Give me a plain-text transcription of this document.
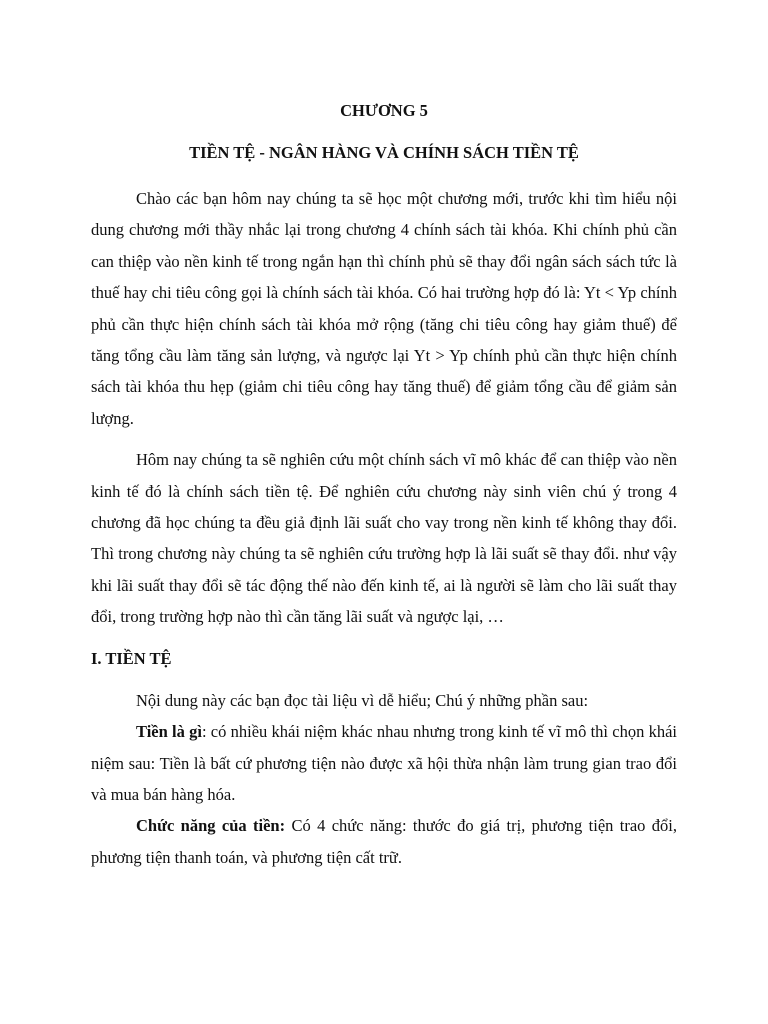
CHƯƠNG 5

TIỀN TỆ - NGÂN HÀNG VÀ CHÍNH SÁCH TIỀN TỆ

Chào các bạn hôm nay chúng ta sẽ học một chương mới, trước khi tìm hiểu nội dung chương mới thầy nhắc lại trong chương 4 chính sách tài khóa. Khi chính phủ cần can thiệp vào nền kinh tế trong ngắn hạn thì chính phủ sẽ thay đổi ngân sách sách tức là thuế hay chi tiêu công gọi là chính sách tài khóa. Có hai trường hợp đó là: Yt < Yp chính phủ cần thực hiện chính sách tài khóa mở rộng (tăng chi tiêu công hay giảm thuế) để tăng tổng cầu làm tăng sản lượng, và ngược lại Yt > Yp chính phủ cần thực hiện chính sách tài khóa thu hẹp (giảm chi tiêu công hay tăng thuế) để giảm tổng cầu để giảm sản lượng.

Hôm nay chúng ta sẽ nghiên cứu một chính sách vĩ mô khác để can thiệp vào nền kinh tế đó là chính sách tiền tệ. Để nghiên cứu chương này sinh viên chú ý trong 4 chương đã học chúng ta đều giả định lãi suất cho vay trong nền kinh tế không thay đổi. Thì trong chương này chúng ta sẽ nghiên cứu trường hợp là lãi suất sẽ thay đổi. như vậy khi lãi suất thay đổi sẽ tác động thế nào đến kinh tế, ai là người sẽ làm cho lãi suất thay đổi, trong trường hợp nào thì cần tăng lãi suất và ngược lại, …

I. TIỀN TỆ

Nội dung này các bạn đọc tài liệu vì dễ hiểu; Chú ý những phần sau:

Tiền là gì: có nhiều khái niệm khác nhau nhưng trong kinh tế vĩ mô thì chọn khái niệm sau: Tiền là bất cứ phương tiện nào được xã hội thừa nhận làm trung gian trao đổi và mua bán hàng hóa.

Chức năng của tiền: Có 4 chức năng: thước đo giá trị, phương tiện trao đổi, phương tiện thanh toán, và phương tiện cất trữ.
